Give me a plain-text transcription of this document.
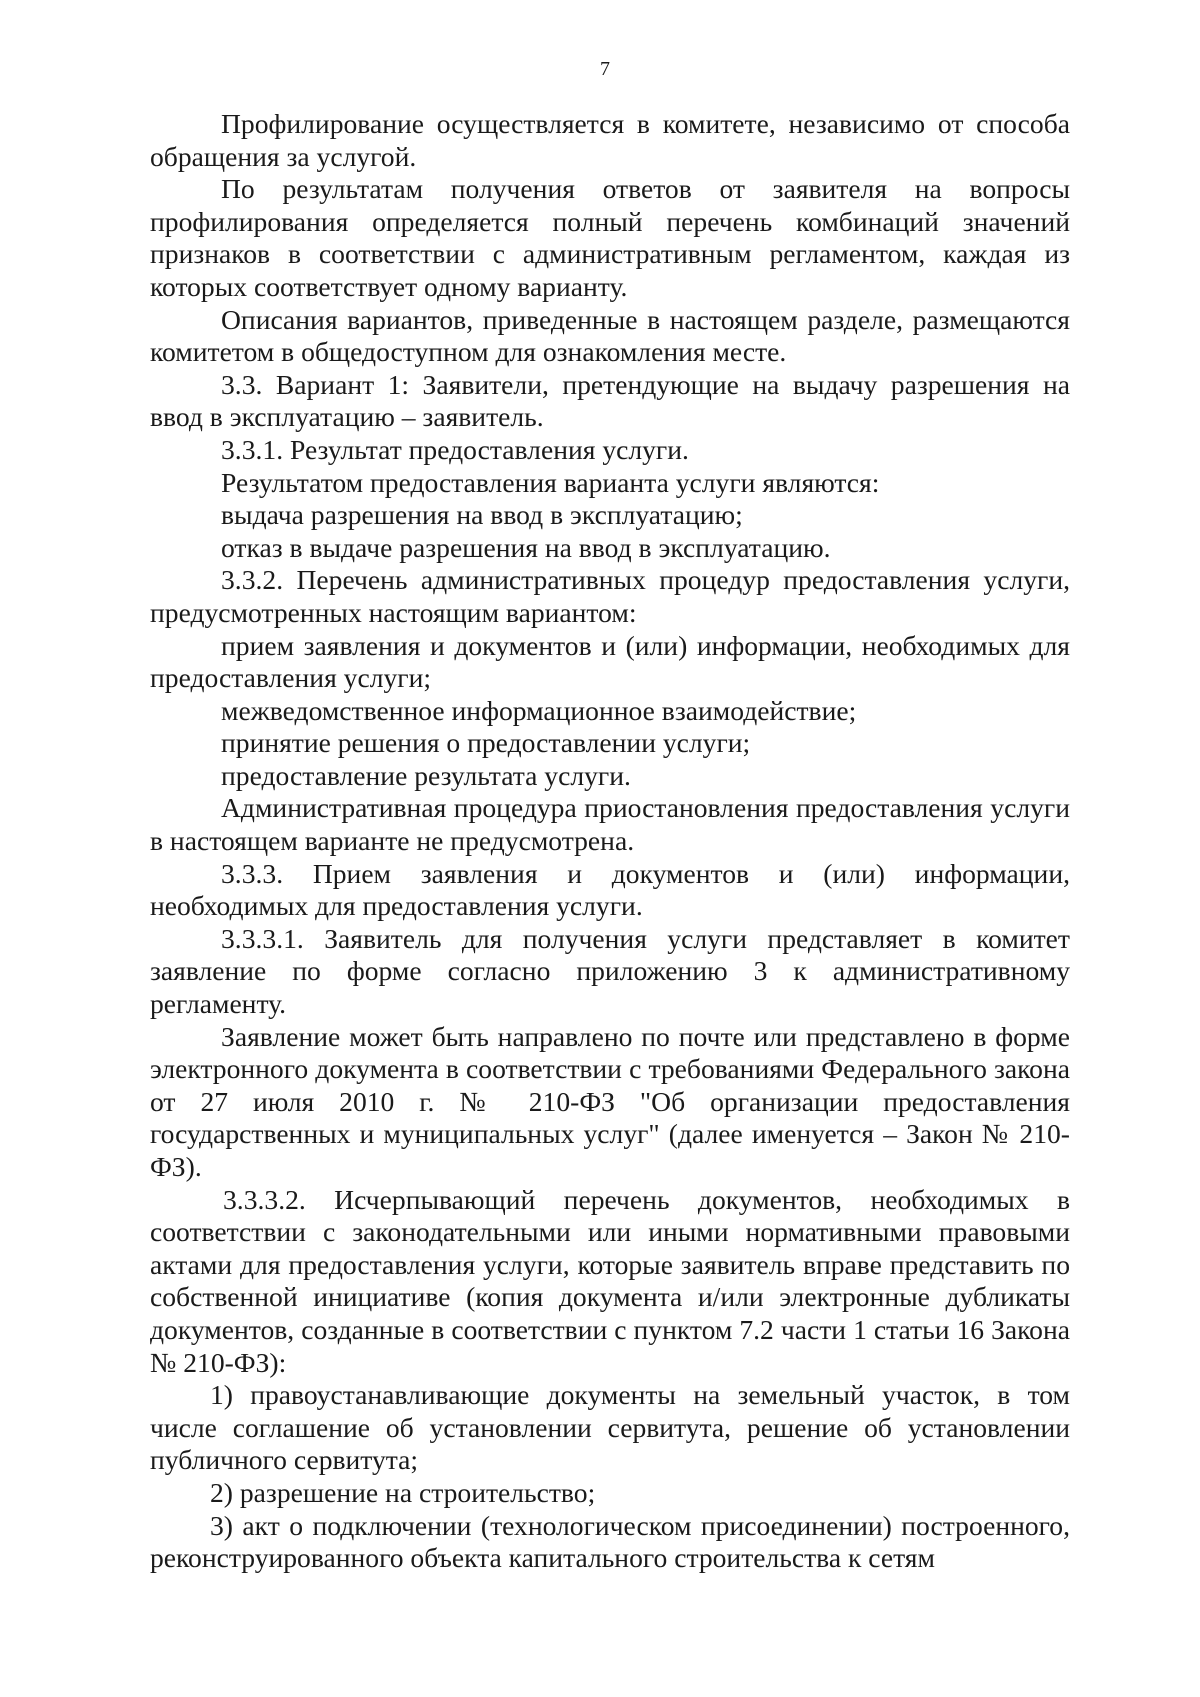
7

Профилирование осуществляется в комитете, независимо от способа обращения за услугой.

По результатам получения ответов от заявителя на вопросы профилирования определяется полный перечень комбинаций значений признаков в соответствии с административным регламентом, каждая из которых соответствует одному варианту.

Описания вариантов, приведенные в настоящем разделе, размещаются комитетом в общедоступном для ознакомления месте.

3.3. Вариант 1: Заявители, претендующие на выдачу разрешения на ввод в эксплуатацию – заявитель.

3.3.1. Результат предоставления услуги.

Результатом предоставления варианта услуги являются:

выдача разрешения на ввод в эксплуатацию;

отказ в выдаче разрешения на ввод в эксплуатацию.

3.3.2. Перечень административных процедур предоставления услуги, предусмотренных настоящим вариантом:

прием заявления и документов и (или) информации, необходимых для предоставления услуги;

межведомственное информационное взаимодействие;

принятие решения о предоставлении услуги;

предоставление результата услуги.

Административная процедура приостановления предоставления услуги в настоящем варианте не предусмотрена.

3.3.3. Прием заявления и документов и (или) информации, необходимых для предоставления услуги.

3.3.3.1. Заявитель для получения услуги представляет в комитет заявление по форме согласно приложению 3 к административному регламенту.

Заявление может быть направлено по почте или представлено в форме электронного документа в соответствии с требованиями Федерального закона от 27 июля 2010 г. № 210-ФЗ "Об организации предоставления государственных и муниципальных услуг" (далее именуется – Закон № 210-ФЗ).

3.3.3.2. Исчерпывающий перечень документов, необходимых в соответствии с законодательными или иными нормативными правовыми актами для предоставления услуги, которые заявитель вправе представить по собственной инициативе (копия документа и/или электронные дубликаты документов, созданные в соответствии с пунктом 7.2 части 1 статьи 16 Закона № 210-ФЗ):

1) правоустанавливающие документы на земельный участок, в том числе соглашение об установлении сервитута, решение об установлении публичного сервитута;

2) разрешение на строительство;

3) акт о подключении (технологическом присоединении) построенного, реконструированного объекта капитального строительства к сетям
